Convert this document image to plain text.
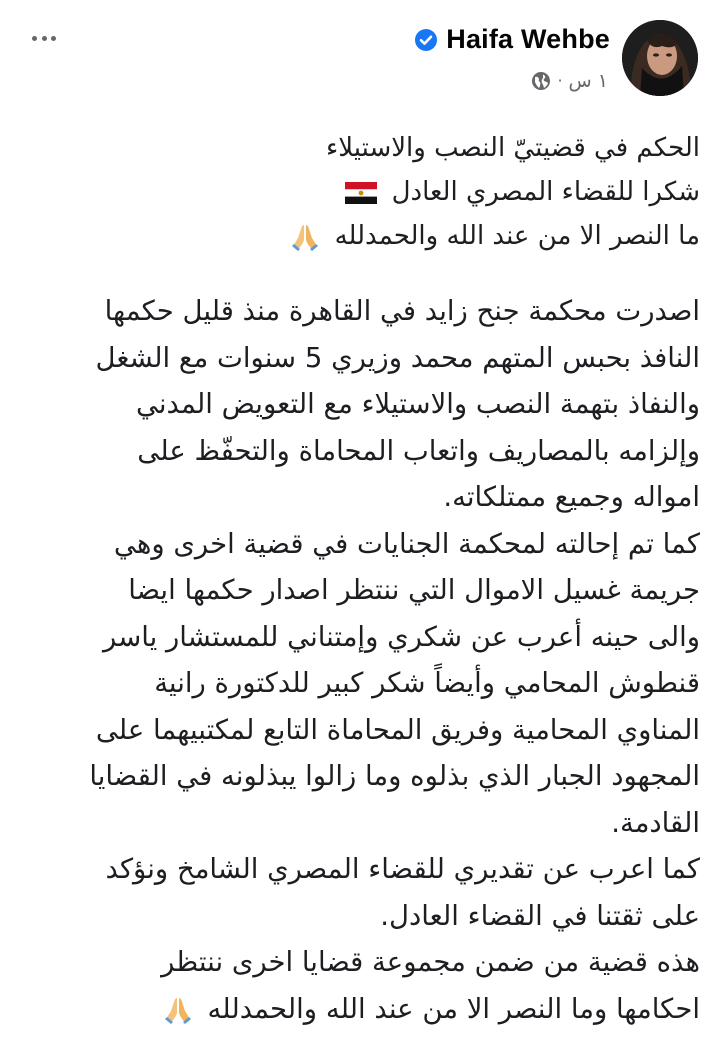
Haifa Wehbe
١ س
·
الحكم في قضيتيّ النصب والاستيلاء
شكرا للقضاء المصري العادل
ما النصر الا من عند الله والحمدلله
اصدرت محكمة جنح زايد في القاهرة منذ قليل حكمها
النافذ بحبس المتهم محمد وزيري 5 سنوات مع الشغل
والنفاذ بتهمة النصب والاستيلاء مع التعويض المدني
وإلزامه بالمصاريف واتعاب المحاماة والتحفّظ على
امواله وجميع ممتلكاته.
كما تم إحالته لمحكمة الجنايات في قضية اخرى وهي
جريمة غسيل الاموال التي ننتظر اصدار حكمها ايضا
والى حينه أعرب عن شكري وإمتناني للمستشار ياسر
قنطوش المحامي وأيضاً شكر كبير للدكتورة رانية
المناوي المحامية وفريق المحاماة التابع لمكتبيهما على
المجهود الجبار الذي بذلوه وما زالوا يبذلونه في القضايا
القادمة.
كما اعرب عن تقديري للقضاء المصري الشامخ ونؤكد
على ثقتنا في القضاء العادل.
هذه قضية من ضمن مجموعة قضايا اخرى ننتظر
احكامها وما النصر الا من عند الله والحمدلله
